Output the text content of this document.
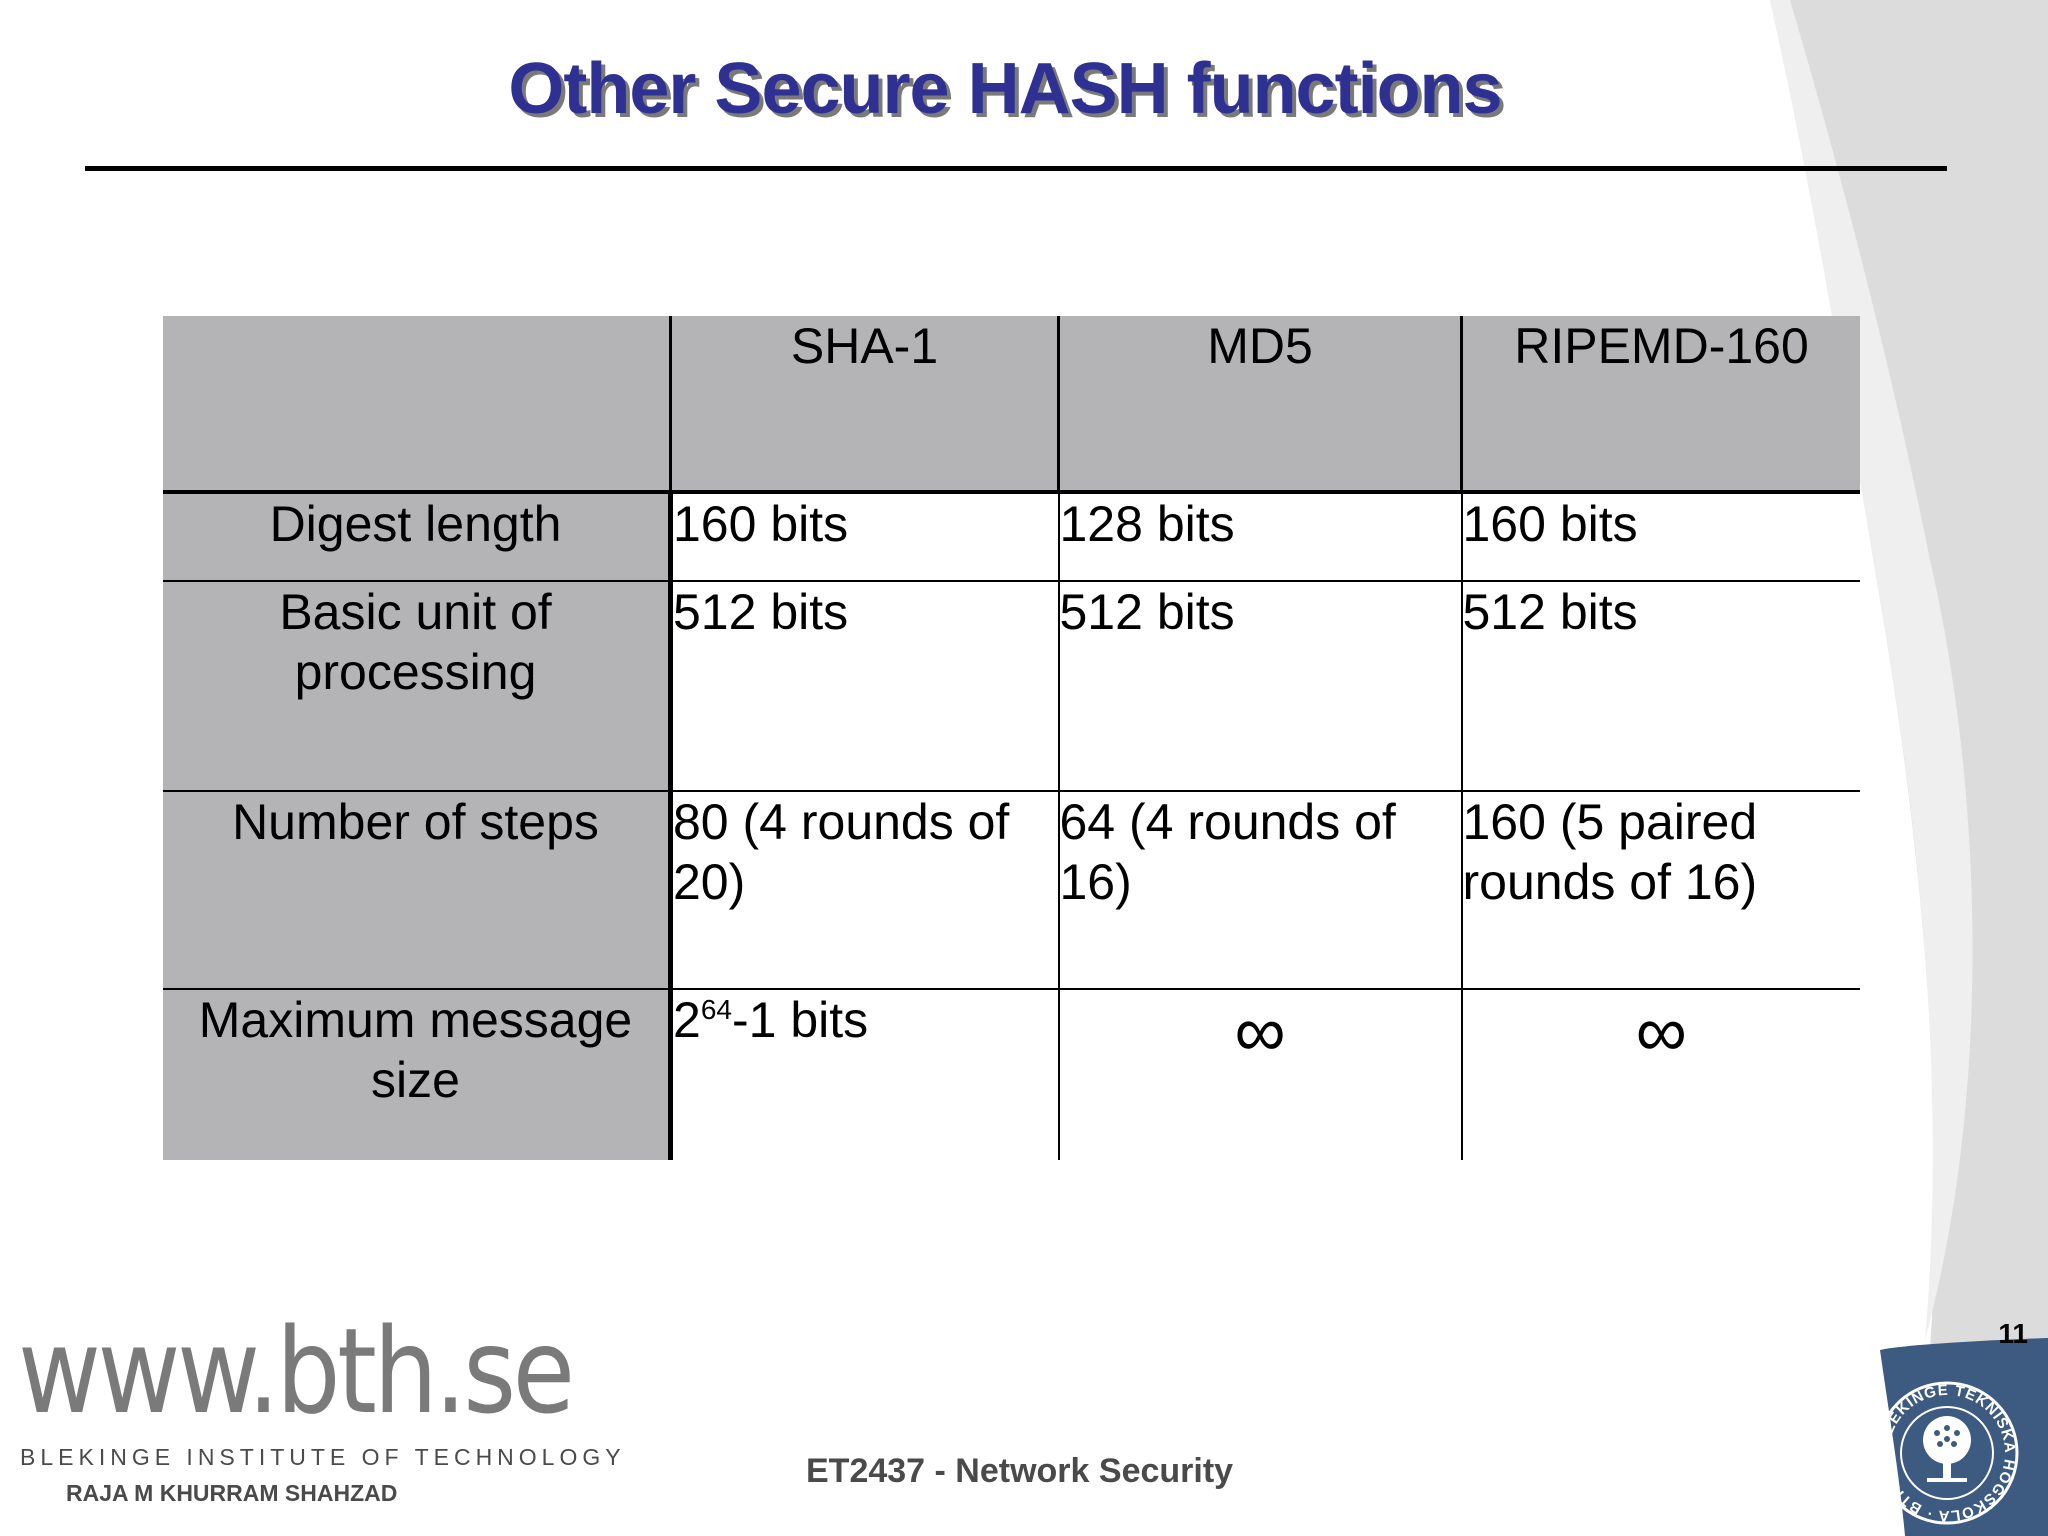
Other Secure HASH functions
	SHA-1	MD5	RIPEMD-160
Digest length	160 bits	128 bits	160 bits
Basic unit of processing	512 bits	512 bits	512 bits
Number of steps	80 (4 rounds of 20)	64 (4 rounds of 16)	160 (5 paired rounds of 16)
Maximum message size	$2^{64}-1$ bits	∞	∞
11
www.bth.se
BLEKINGE INSTITUTE OF TECHNOLOGY
RAJA M KHURRAM SHAHZAD
ET2437 - Network Security
BLEKINGE TEKNISKA HÖGSKOLA · BTH ·
